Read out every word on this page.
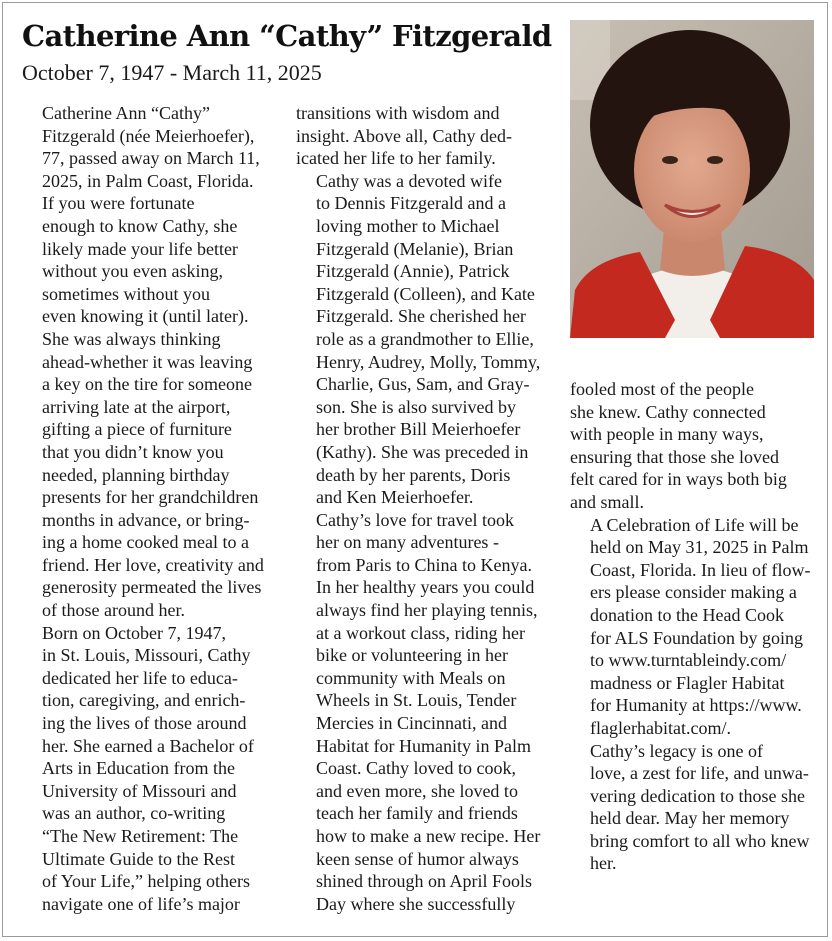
Catherine Ann “Cathy” Fitzgerald
October 7, 1947 - March 11, 2025

Catherine Ann “Cathy”
Fitzgerald (née Meierhoefer),
77, passed away on March 11,
2025, in Palm Coast, Florida.

If you were fortunate
enough to know Cathy, she
likely made your life better
without you even asking,
sometimes without you
even knowing it (until later).
She was always thinking
ahead-whether it was leaving
a key on the tire for someone
arriving late at the airport,
gifting a piece of furniture
that you didn’t know you
needed, planning birthday
presents for her grandchildren
months in advance, or bring-
ing a home cooked meal to a
friend. Her love, creativity and
generosity permeated the lives
of those around her.

Born on October 7, 1947,
in St. Louis, Missouri, Cathy
dedicated her life to educa-
tion, caregiving, and enrich-
ing the lives of those around
her. She earned a Bachelor of
Arts in Education from the
University of Missouri and
was an author, co-writing
“The New Retirement: The
Ultimate Guide to the Rest
of Your Life,” helping others
navigate one of life’s major

transitions with wisdom and
insight. Above all, Cathy ded-
icated her life to her family.

Cathy was a devoted wife
to Dennis Fitzgerald and a
loving mother to Michael
Fitzgerald (Melanie), Brian
Fitzgerald (Annie), Patrick
Fitzgerald (Colleen), and Kate
Fitzgerald. She cherished her
role as a grandmother to Ellie,
Henry, Audrey, Molly, Tommy,
Charlie, Gus, Sam, and Gray-
son. She is also survived by
her brother Bill Meierhoefer
(Kathy). She was preceded in
death by her parents, Doris
and Ken Meierhoefer.

Cathy’s love for travel took
her on many adventures -
from Paris to China to Kenya.
In her healthy years you could
always find her playing tennis,
at a workout class, riding her
bike or volunteering in her
community with Meals on
Wheels in St. Louis, Tender
Mercies in Cincinnati, and
Habitat for Humanity in Palm
Coast. Cathy loved to cook,
and even more, she loved to
teach her family and friends
how to make a new recipe. Her
keen sense of humor always
shined through on April Fools
Day where she successfully

fooled most of the people
she knew. Cathy connected
with people in many ways,
ensuring that those she loved
felt cared for in ways both big
and small.

A Celebration of Life will be
held on May 31, 2025 in Palm
Coast, Florida. In lieu of flow-
ers please consider making a
donation to the Head Cook
for ALS Foundation by going
to www.turntableindy.com/
madness or Flagler Habitat
for Humanity at https://www.
flaglerhabitat.com/.

Cathy’s legacy is one of
love, a zest for life, and unwa-
vering dedication to those she
held dear. May her memory
bring comfort to all who knew
her.
